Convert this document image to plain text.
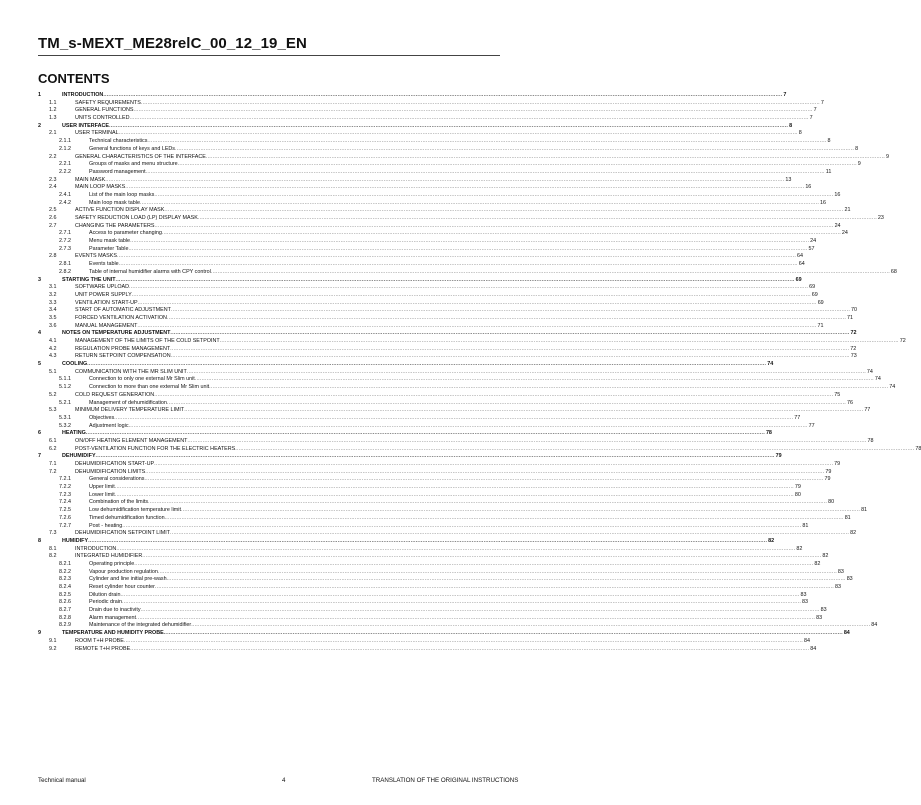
TM_s-MEXT_ME28relC_00_12_19_EN
CONTENTS
1	INTRODUCTION ................................................................................................................................................................................................................................................................................................................................................................................................................ 7
1.1	SAFETY REQUIREMENTS ................................................................................................................................................................................................................................................................................................................................................................................................................ 7
1.2	GENERAL FUNCTIONS ................................................................................................................................................................................................................................................................................................................................................................................................................ 7
1.3	UNITS CONTROLLED ................................................................................................................................................................................................................................................................................................................................................................................................................ 7
2	USER INTERFACE ................................................................................................................................................................................................................................................................................................................................................................................................................ 8
2.1	USER TERMINAL ................................................................................................................................................................................................................................................................................................................................................................................................................ 8
2.1.1	Technical characteristics ................................................................................................................................................................................................................................................................................................................................................................................................................ 8
2.1.2	General functions of keys and LEDs ................................................................................................................................................................................................................................................................................................................................................................................................................ 8
2.2	GENERAL CHARACTERISTICS OF THE INTERFACE ................................................................................................................................................................................................................................................................................................................................................................................................................ 9
2.2.1	Groups of masks and menu structure ................................................................................................................................................................................................................................................................................................................................................................................................................ 9
2.2.2	Password management ................................................................................................................................................................................................................................................................................................................................................................................................................ 11
2.3	MAIN MASK ................................................................................................................................................................................................................................................................................................................................................................................................................ 13
2.4	MAIN LOOP MASKS ................................................................................................................................................................................................................................................................................................................................................................................................................ 16
2.4.1	List of the main loop masks ................................................................................................................................................................................................................................................................................................................................................................................................................ 16
2.4.2	Main loop mask table ................................................................................................................................................................................................................................................................................................................................................................................................................ 16
2.5	ACTIVE FUNCTION DISPLAY MASK ................................................................................................................................................................................................................................................................................................................................................................................................................ 21
2.6	SAFETY REDUCTION LOAD (LP) DISPLAY MASK ................................................................................................................................................................................................................................................................................................................................................................................................................ 23
2.7	CHANGING THE PARAMETERS ................................................................................................................................................................................................................................................................................................................................................................................................................ 24
2.7.1	Access to parameter changing ................................................................................................................................................................................................................................................................................................................................................................................................................ 24
2.7.2	Menu mask table ................................................................................................................................................................................................................................................................................................................................................................................................................ 24
2.7.3	Parameter Table ................................................................................................................................................................................................................................................................................................................................................................................................................ 57
2.8	EVENTS MASKS ................................................................................................................................................................................................................................................................................................................................................................................................................ 64
2.8.1	Events table ................................................................................................................................................................................................................................................................................................................................................................................................................ 64
2.8.2	Table of internal humidifier alarms with CPY control ................................................................................................................................................................................................................................................................................................................................................................................................................ 68
3	STARTING THE UNIT ................................................................................................................................................................................................................................................................................................................................................................................................................ 69
3.1	SOFTWARE UPLOAD ................................................................................................................................................................................................................................................................................................................................................................................................................ 69
3.2	UNIT POWER SUPPLY ................................................................................................................................................................................................................................................................................................................................................................................................................ 69
3.3	VENTILATION START-UP ................................................................................................................................................................................................................................................................................................................................................................................................................ 69
3.4	START OF AUTOMATIC ADJUSTMENT ................................................................................................................................................................................................................................................................................................................................................................................................................ 70
3.5	FORCED VENTILATION ACTIVATION ................................................................................................................................................................................................................................................................................................................................................................................................................ 71
3.6	MANUAL MANAGEMENT ................................................................................................................................................................................................................................................................................................................................................................................................................ 71
4	NOTES ON TEMPERATURE ADJUSTMENT ................................................................................................................................................................................................................................................................................................................................................................................................................ 72
4.1	MANAGEMENT OF THE LIMITS OF THE COLD SETPOINT ................................................................................................................................................................................................................................................................................................................................................................................................................ 72
4.2	REGULATION PROBE MANAGEMENT ................................................................................................................................................................................................................................................................................................................................................................................................................ 72
4.3	RETURN SETPOINT COMPENSATION ................................................................................................................................................................................................................................................................................................................................................................................................................ 73
5	COOLING ................................................................................................................................................................................................................................................................................................................................................................................................................ 74
5.1	COMMUNICATION WITH THE MR SLIM UNIT ................................................................................................................................................................................................................................................................................................................................................................................................................ 74
5.1.1	Connection to only one external Mr Slim unit ................................................................................................................................................................................................................................................................................................................................................................................................................ 74
5.1.2	Connection to more than one external Mr Slim unit ................................................................................................................................................................................................................................................................................................................................................................................................................ 74
5.2	COLD REQUEST GENERATION ................................................................................................................................................................................................................................................................................................................................................................................................................ 75
5.2.1	Management of dehumidification ................................................................................................................................................................................................................................................................................................................................................................................................................ 76
5.3	MINIMUM DELIVERY TEMPERATURE LIMIT ................................................................................................................................................................................................................................................................................................................................................................................................................ 77
5.3.1	Objectives ................................................................................................................................................................................................................................................................................................................................................................................................................ 77
5.3.2	Adjustment logic ................................................................................................................................................................................................................................................................................................................................................................................................................ 77
6	HEATING ................................................................................................................................................................................................................................................................................................................................................................................................................ 78
6.1	ON/OFF HEATING ELEMENT MANAGEMENT ................................................................................................................................................................................................................................................................................................................................................................................................................ 78
6.2	POST-VENTILATION FUNCTION FOR THE ELECTRIC HEATERS ................................................................................................................................................................................................................................................................................................................................................................................................................ 78
7	DEHUMIDIFY ................................................................................................................................................................................................................................................................................................................................................................................................................ 79
7.1	DEHUMIDIFICATION START-UP ................................................................................................................................................................................................................................................................................................................................................................................................................ 79
7.2	DEHUMIDIFICATION LIMITS ................................................................................................................................................................................................................................................................................................................................................................................................................ 79
7.2.1	General considerations ................................................................................................................................................................................................................................................................................................................................................................................................................ 79
7.2.2	Upper limit ................................................................................................................................................................................................................................................................................................................................................................................................................ 79
7.2.3	Lower limit ................................................................................................................................................................................................................................................................................................................................................................................................................ 80
7.2.4	Combination of the limits ................................................................................................................................................................................................................................................................................................................................................................................................................ 80
7.2.5	Low dehumidification temperature limit ................................................................................................................................................................................................................................................................................................................................................................................................................ 81
7.2.6	Timed dehumidification function ................................................................................................................................................................................................................................................................................................................................................................................................................ 81
7.2.7	Post - heating ................................................................................................................................................................................................................................................................................................................................................................................................................ 81
7.3	DEHUMIDIFICATION SETPOINT LIMIT ................................................................................................................................................................................................................................................................................................................................................................................................................ 82
8	HUMIDIFY ................................................................................................................................................................................................................................................................................................................................................................................................................ 82
8.1	INTRODUCTION ................................................................................................................................................................................................................................................................................................................................................................................................................ 82
8.2	INTEGRATED HUMIDIFIER ................................................................................................................................................................................................................................................................................................................................................................................................................ 82
8.2.1	Operating principle ................................................................................................................................................................................................................................................................................................................................................................................................................ 82
8.2.2	Vapour production regulation ................................................................................................................................................................................................................................................................................................................................................................................................................ 83
8.2.3	Cylinder and line initial pre-wash ................................................................................................................................................................................................................................................................................................................................................................................................................ 83
8.2.4	Reset cylinder hour counter ................................................................................................................................................................................................................................................................................................................................................................................................................ 83
8.2.5	Dilution drain ................................................................................................................................................................................................................................................................................................................................................................................................................ 83
8.2.6	Periodic drain ................................................................................................................................................................................................................................................................................................................................................................................................................ 83
8.2.7	Drain due to inactivity ................................................................................................................................................................................................................................................................................................................................................................................................................ 83
8.2.8	Alarm management ................................................................................................................................................................................................................................................................................................................................................................................................................ 83
8.2.9	Maintenance of the integrated dehumidifier ................................................................................................................................................................................................................................................................................................................................................................................................................ 84
9	TEMPERATURE AND HUMIDITY PROBE ................................................................................................................................................................................................................................................................................................................................................................................................................ 84
9.1	ROOM T+H PROBE ................................................................................................................................................................................................................................................................................................................................................................................................................ 84
9.2	REMOTE T+H PROBE ................................................................................................................................................................................................................................................................................................................................................................................................................ 84
Technical manual	4	TRANSLATION OF THE ORIGINAL INSTRUCTIONS
